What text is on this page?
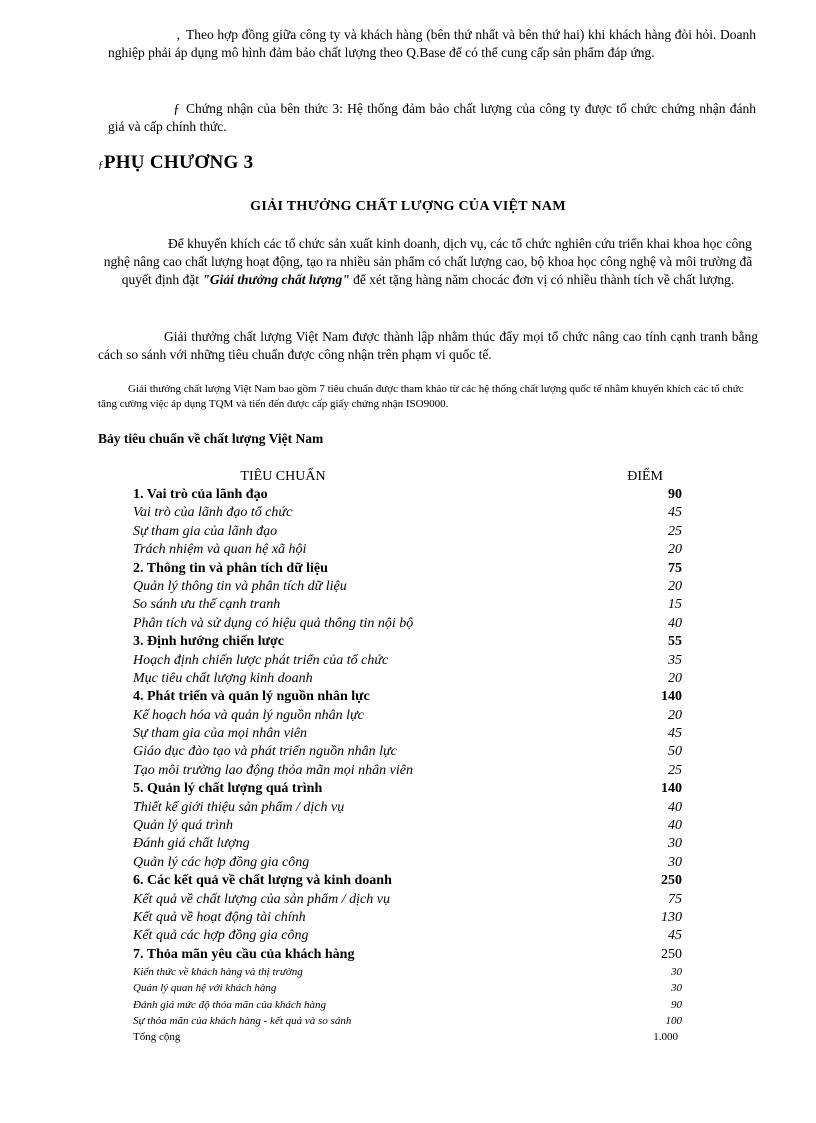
, Theo hợp đồng giữa công ty và khách hàng (bên thứ nhất và bên thứ hai) khi khách hàng đòi hỏi. Doanh nghiệp phải áp dụng mô hình đảm bảo chất lượng theo Q.Base để có thể cung cấp sản phẩm đáp ứng.

ƒ Chứng nhận của bên thức 3: Hệ thống đảm bảo chất lượng của công ty được tổ chức chứng nhận đánh giá và cấp chính thức.

ƒPHỤ CHƯƠNG 3
GIẢI THƯỞNG CHẤT LƯỢNG CỦA VIỆT NAM

Để khuyến khích các tổ chức sản xuất kinh doanh, dịch vụ, các tổ chức nghiên cứu triển khai khoa học công nghệ nâng cao chất lượng hoạt động, tạo ra nhiều sản phẩm có chất lượng cao, bộ khoa học công nghệ và môi trường đã quyết định đặt "Giải thưởng chất lượng" để xét tặng hàng năm chocác đơn vị có nhiều thành tích về chất lượng.

Giải thưởng chất lượng Việt Nam được thành lập nhằm thúc đẩy mọi tổ chức nâng cao tính cạnh tranh bằng cách so sánh với những tiêu chuẩn được công nhận trên phạm vi quốc tế.

Giải thưởng chất lượng Việt Nam bao gồm 7 tiêu chuẩn được tham khảo từ các hệ thống chất lượng quốc tế nhằm khuyến khích các tổ chức tăng cường việc áp dụng TQM và tiến đến được cấp giấy chứng nhận ISO9000.

Bảy tiêu chuẩn về chất lượng Việt Nam

TIÊU CHUẨN	ĐIỂM
1. Vai trò của lãnh đạo	90
Vai trò của lãnh đạo tổ chức	45
Sự tham gia của lãnh đạo	25
Trách nhiệm và quan hệ xã hội	20
2. Thông tin và phân tích dữ liệu	75
Quản lý thông tin và phân tích dữ liệu	20
So sánh ưu thế cạnh tranh	15
Phân tích và sử dụng có hiệu quả thông tin nội bộ	40
3. Định hướng chiến lược	55
Hoạch định chiến lược phát triển của tổ chức	35
Mục tiêu chất lượng kinh doanh	20
4. Phát triển và quản lý nguồn nhân lực	140
Kế hoạch hóa và quản lý nguồn nhân lực	20
Sự tham gia của mọi nhân viên	45
Giáo dục đào tạo và phát triển nguồn nhân lực	50
Tạo môi trường lao động thỏa mãn mọi nhân viên	25
5. Quản lý chất lượng quá trình	140
Thiết kế giới thiệu sản phẩm / dịch vụ	40
Quản lý quá trình	40
Đánh giá chất lượng	30
Quản lý các hợp đồng gia công	30
6. Các kết quả về chất lượng và kinh doanh	250
Kết quả về chất lượng của sản phẩm / dịch vụ	75
Kết quả về hoạt động tài chính	130
Kết quả các hợp đồng gia công	45
7. Thỏa mãn yêu cầu của khách hàng	250
Kiến thức về khách hàng và thị trường	30
Quản lý quan hệ với khách hàng	30
Đánh giá mức độ thỏa mãn của khách hàng	90
Sự thỏa mãn của khách hàng - kết quả và so sánh	100
Tổng cộng	1.000
